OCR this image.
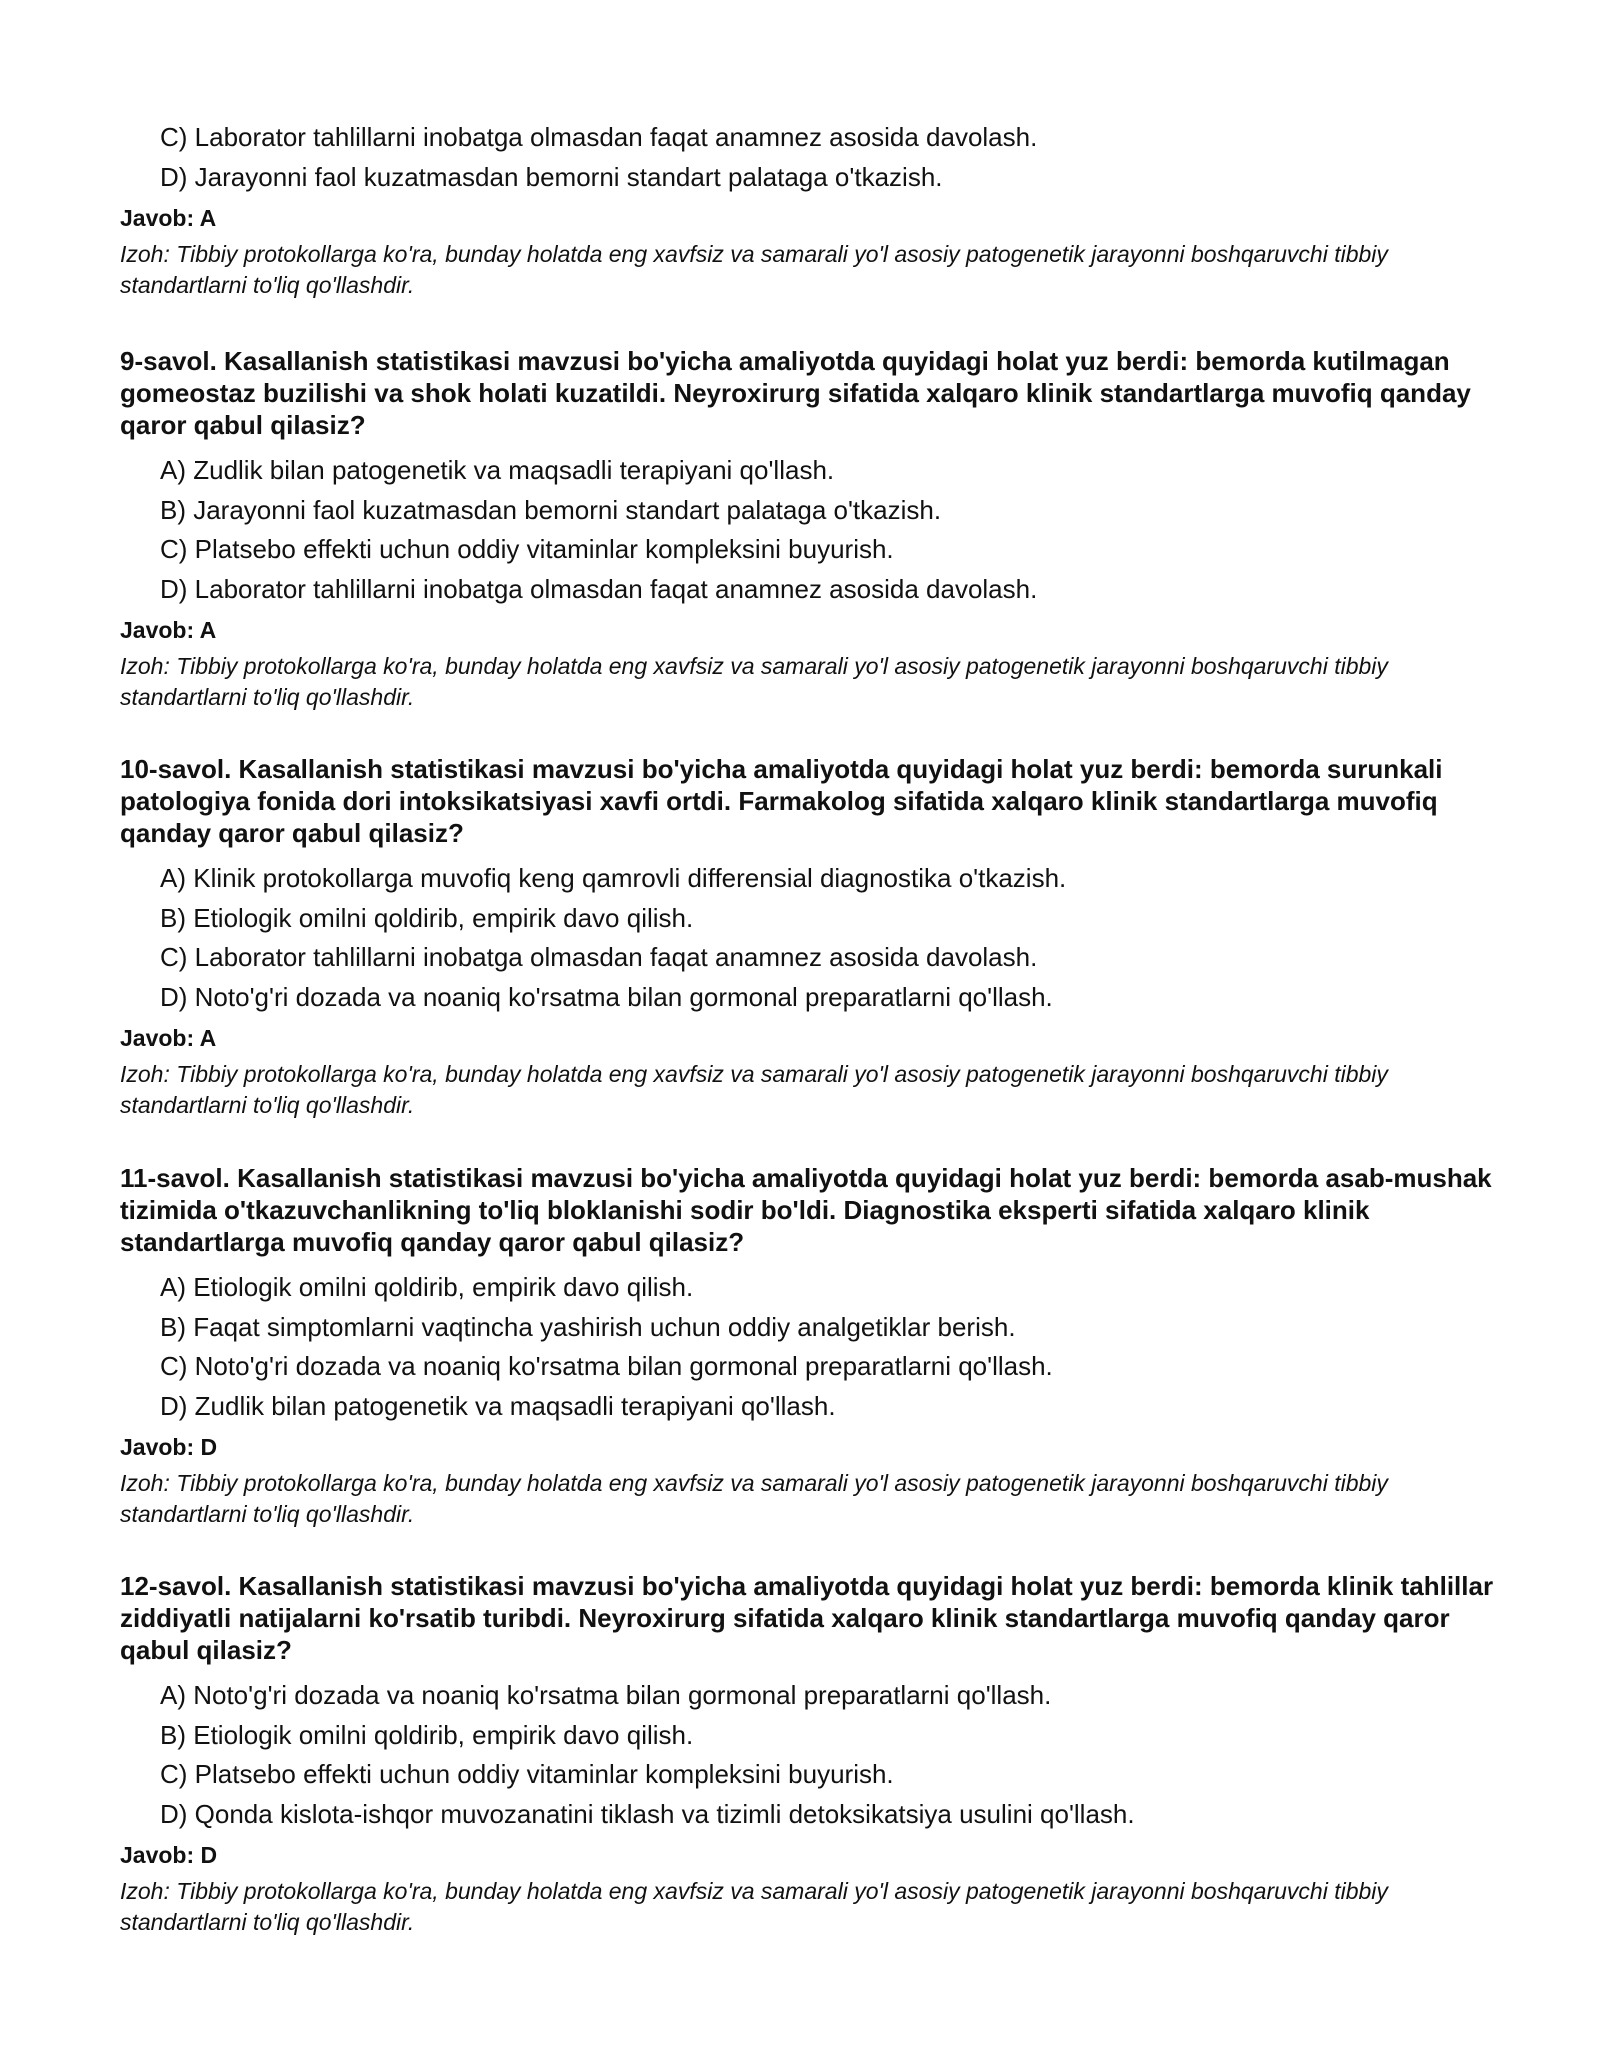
C) Laborator tahlillarni inobatga olmasdan faqat anamnez asosida davolash.
D) Jarayonni faol kuzatmasdan bemorni standart palataga o'tkazish.

Javob: A

Izoh: Tibbiy protokollarga ko'ra, bunday holatda eng xavfsiz va samarali yo'l asosiy patogenetik jarayonni boshqaruvchi tibbiy standartlarni to'liq qo'llashdir.

9-savol. Kasallanish statistikasi mavzusi bo'yicha amaliyotda quyidagi holat yuz berdi: bemorda kutilmagan gomeostaz buzilishi va shok holati kuzatildi. Neyroxirurg sifatida xalqaro klinik standartlarga muvofiq qanday qaror qabul qilasiz?

A) Zudlik bilan patogenetik va maqsadli terapiyani qo'llash.
B) Jarayonni faol kuzatmasdan bemorni standart palataga o'tkazish.
C) Platsebo effekti uchun oddiy vitaminlar kompleksini buyurish.
D) Laborator tahlillarni inobatga olmasdan faqat anamnez asosida davolash.

Javob: A

Izoh: Tibbiy protokollarga ko'ra, bunday holatda eng xavfsiz va samarali yo'l asosiy patogenetik jarayonni boshqaruvchi tibbiy standartlarni to'liq qo'llashdir.

10-savol. Kasallanish statistikasi mavzusi bo'yicha amaliyotda quyidagi holat yuz berdi: bemorda surunkali patologiya fonida dori intoksikatsiyasi xavfi ortdi. Farmakolog sifatida xalqaro klinik standartlarga muvofiq qanday qaror qabul qilasiz?

A) Klinik protokollarga muvofiq keng qamrovli differensial diagnostika o'tkazish.
B) Etiologik omilni qoldirib, empirik davo qilish.
C) Laborator tahlillarni inobatga olmasdan faqat anamnez asosida davolash.
D) Noto'g'ri dozada va noaniq ko'rsatma bilan gormonal preparatlarni qo'llash.

Javob: A

Izoh: Tibbiy protokollarga ko'ra, bunday holatda eng xavfsiz va samarali yo'l asosiy patogenetik jarayonni boshqaruvchi tibbiy standartlarni to'liq qo'llashdir.

11-savol. Kasallanish statistikasi mavzusi bo'yicha amaliyotda quyidagi holat yuz berdi: bemorda asab-mushak tizimida o'tkazuvchanlikning to'liq bloklanishi sodir bo'ldi. Diagnostika eksperti sifatida xalqaro klinik standartlarga muvofiq qanday qaror qabul qilasiz?

A) Etiologik omilni qoldirib, empirik davo qilish.
B) Faqat simptomlarni vaqtincha yashirish uchun oddiy analgetiklar berish.
C) Noto'g'ri dozada va noaniq ko'rsatma bilan gormonal preparatlarni qo'llash.
D) Zudlik bilan patogenetik va maqsadli terapiyani qo'llash.

Javob: D

Izoh: Tibbiy protokollarga ko'ra, bunday holatda eng xavfsiz va samarali yo'l asosiy patogenetik jarayonni boshqaruvchi tibbiy standartlarni to'liq qo'llashdir.

12-savol. Kasallanish statistikasi mavzusi bo'yicha amaliyotda quyidagi holat yuz berdi: bemorda klinik tahlillar ziddiyatli natijalarni ko'rsatib turibdi. Neyroxirurg sifatida xalqaro klinik standartlarga muvofiq qanday qaror qabul qilasiz?

A) Noto'g'ri dozada va noaniq ko'rsatma bilan gormonal preparatlarni qo'llash.
B) Etiologik omilni qoldirib, empirik davo qilish.
C) Platsebo effekti uchun oddiy vitaminlar kompleksini buyurish.
D) Qonda kislota-ishqor muvozanatini tiklash va tizimli detoksikatsiya usulini qo'llash.

Javob: D

Izoh: Tibbiy protokollarga ko'ra, bunday holatda eng xavfsiz va samarali yo'l asosiy patogenetik jarayonni boshqaruvchi tibbiy standartlarni to'liq qo'llashdir.
